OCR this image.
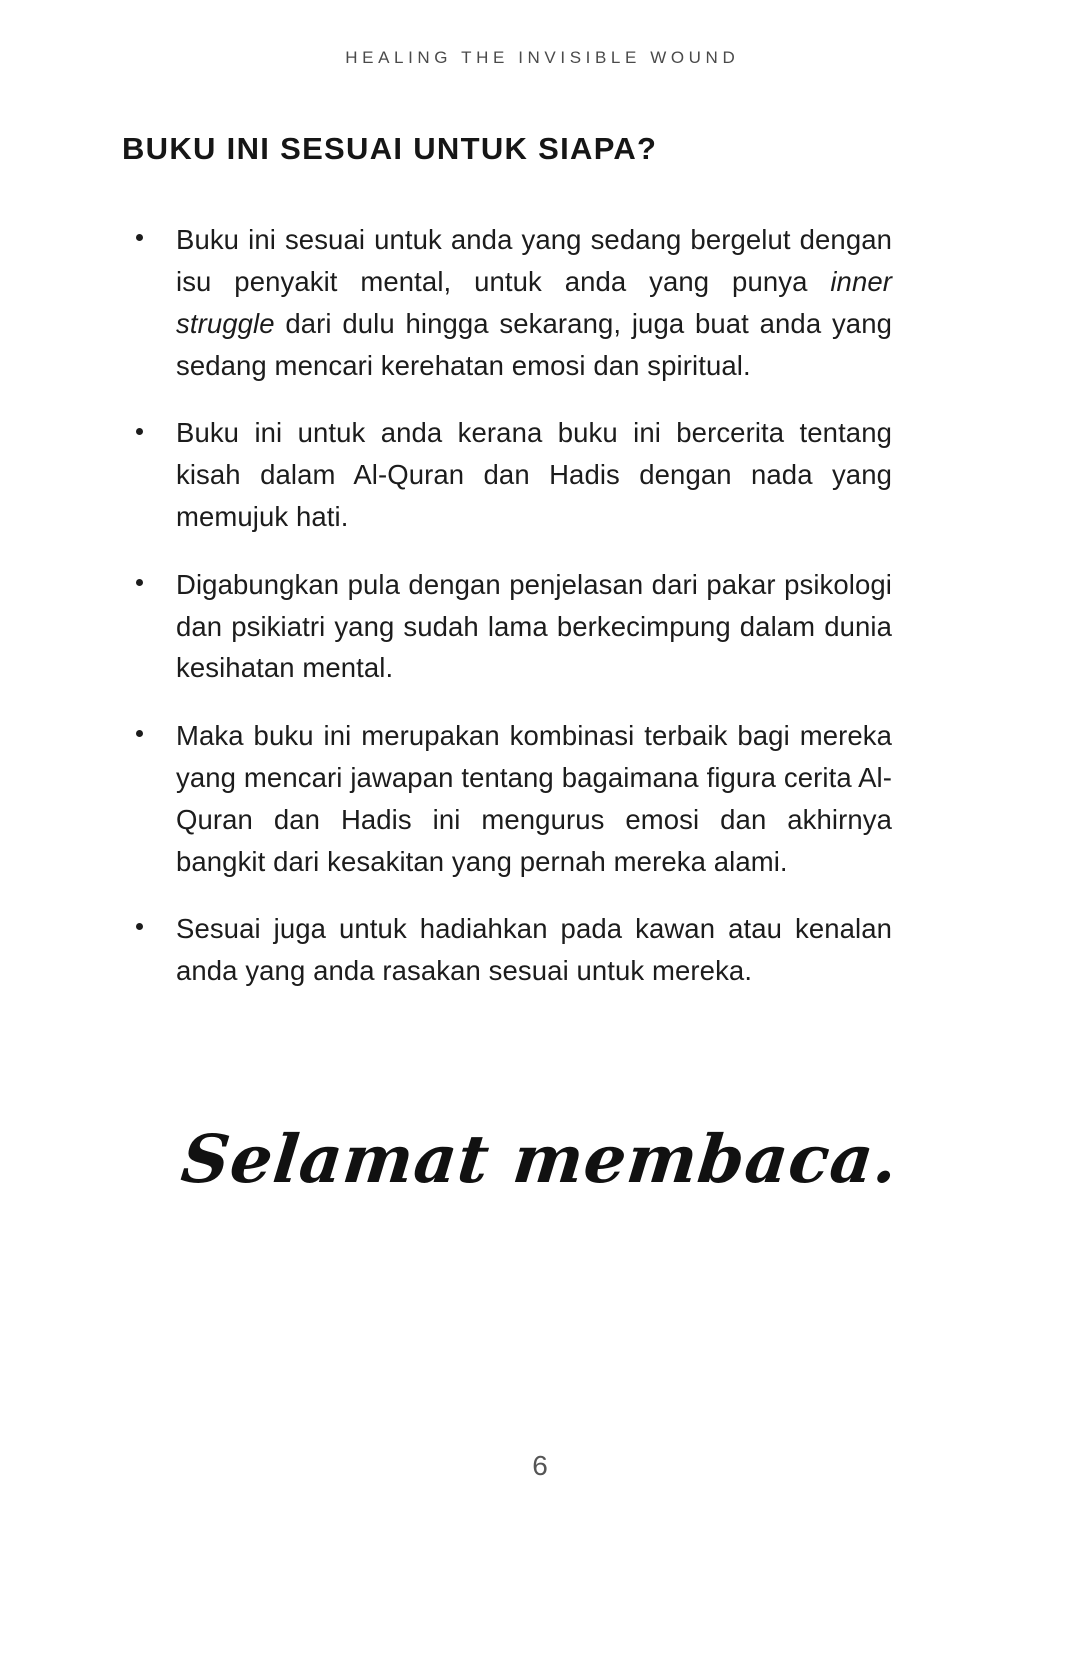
HEALING THE INVISIBLE WOUND
BUKU INI SESUAI UNTUK SIAPA?
Buku ini sesuai untuk anda yang sedang bergelut dengan isu penyakit mental, untuk anda yang punya inner struggle dari dulu hingga sekarang, juga buat anda yang sedang mencari kerehatan emosi dan spiritual.
Buku ini untuk anda kerana buku ini bercerita tentang kisah dalam Al-Quran dan Hadis dengan nada yang memujuk hati.
Digabungkan pula dengan penjelasan dari pakar psikologi dan psikiatri yang sudah lama berkecimpung dalam dunia kesihatan mental.
Maka buku ini merupakan kombinasi terbaik bagi mereka yang mencari jawapan tentang bagaimana figura cerita Al-Quran dan Hadis ini mengurus emosi dan akhirnya bangkit dari kesakitan yang pernah mereka alami.
Sesuai juga untuk hadiahkan pada kawan atau kenalan anda yang anda rasakan sesuai untuk mereka.
Selamat membaca.
6
